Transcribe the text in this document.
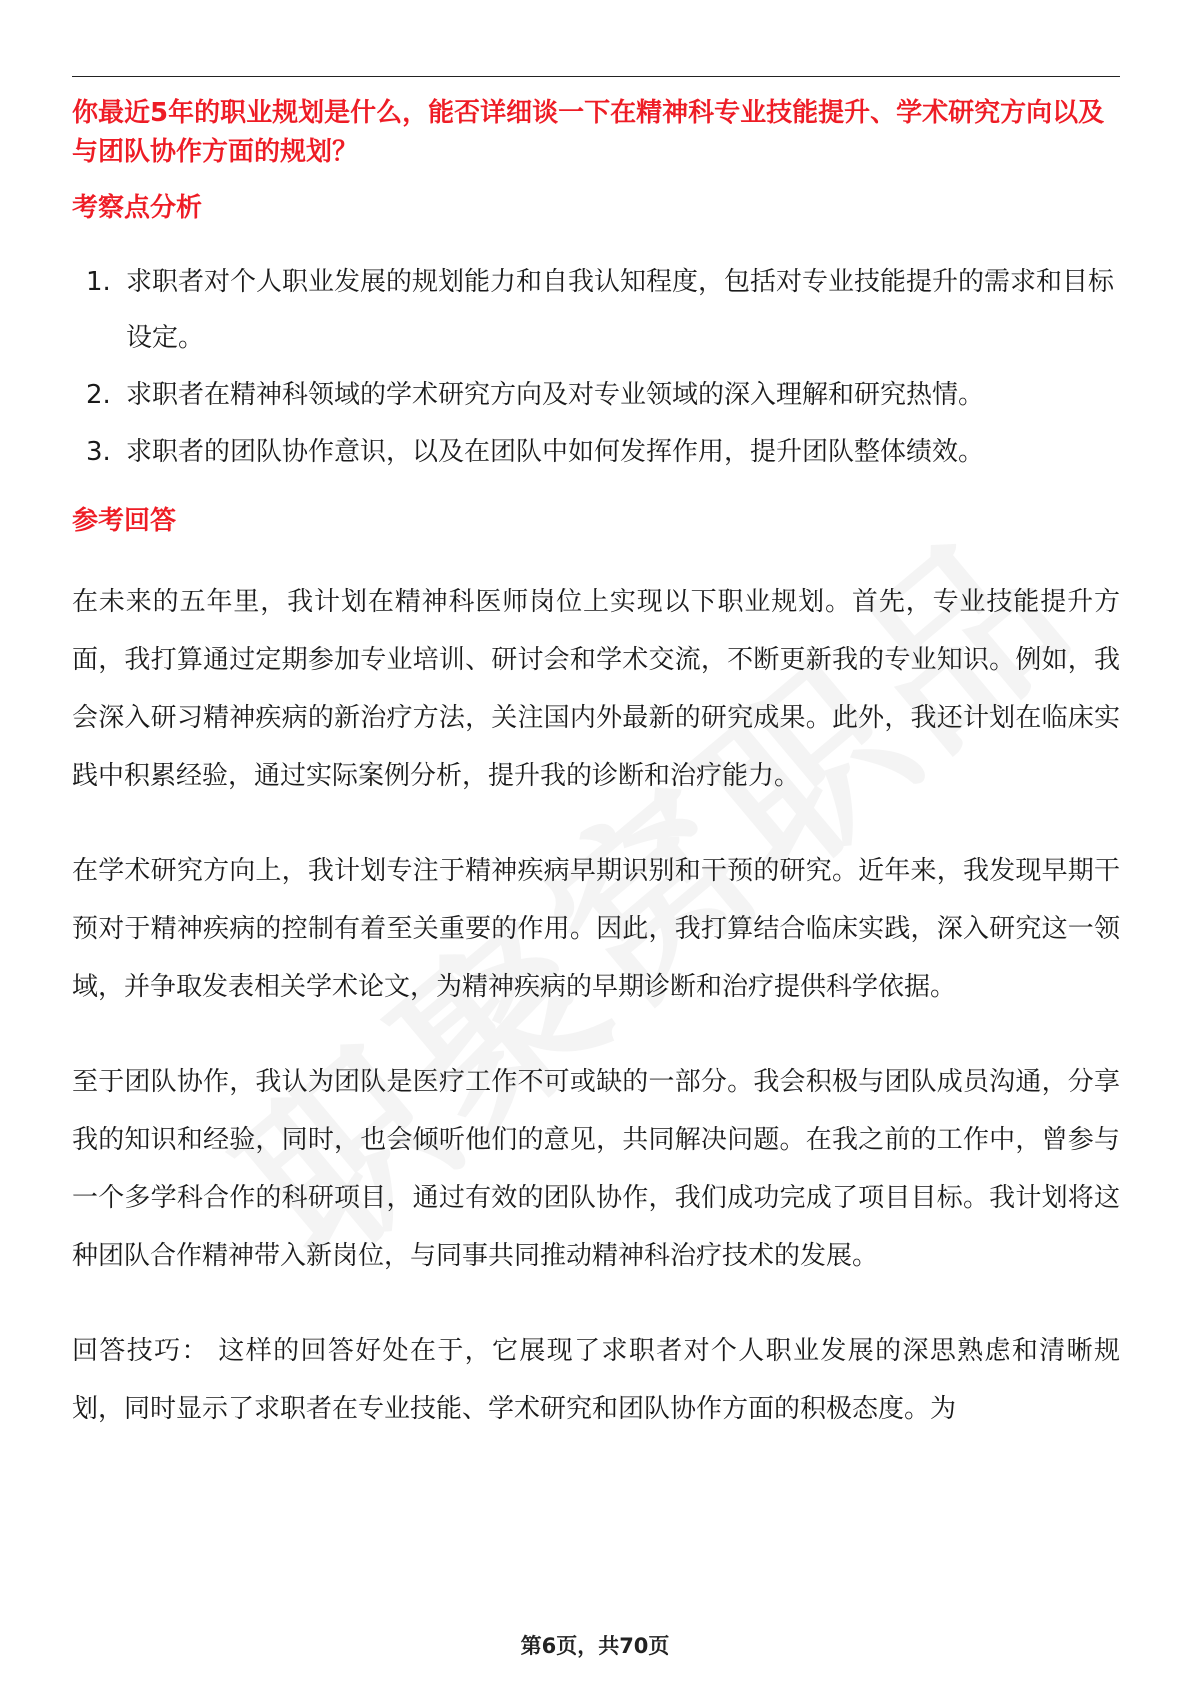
你最近5年的职业规划是什么，能否详细谈一下在精神科专业技能提升、学术研究方向以及与团队协作方面的规划？
考察点分析
1. 求职者对个人职业发展的规划能力和自我认知程度，包括对专业技能提升的需求和目标设定。
2. 求职者在精神科领域的学术研究方向及对专业领域的深入理解和研究热情。
3. 求职者的团队协作意识，以及在团队中如何发挥作用，提升团队整体绩效。
参考回答

在未来的五年里，我计划在精神科医师岗位上实现以下职业规划。首先，专业技能提升方面，我打算通过定期参加专业培训、研讨会和学术交流，不断更新我的专业知识。例如，我会深入研习精神疾病的新治疗方法，关注国内外最新的研究成果。此外，我还计划在临床实践中积累经验，通过实际案例分析，提升我的诊断和治疗能力。

在学术研究方向上，我计划专注于精神疾病早期识别和干预的研究。近年来，我发现早期干预对于精神疾病的控制有着至关重要的作用。因此，我打算结合临床实践，深入研究这一领域，并争取发表相关学术论文，为精神疾病的早期诊断和治疗提供科学依据。

至于团队协作，我认为团队是医疗工作不可或缺的一部分。我会积极与团队成员沟通，分享我的知识和经验，同时，也会倾听他们的意见，共同解决问题。在我之前的工作中，曾参与一个多学科合作的科研项目，通过有效的团队协作，我们成功完成了项目目标。我计划将这种团队合作精神带入新岗位，与同事共同推动精神科治疗技术的发展。

回答技巧： 这样的回答好处在于，它展现了求职者对个人职业发展的深思熟虑和清晰规划，同时显示了求职者在专业技能、学术研究和团队协作方面的积极态度。为

第6页，共70页
